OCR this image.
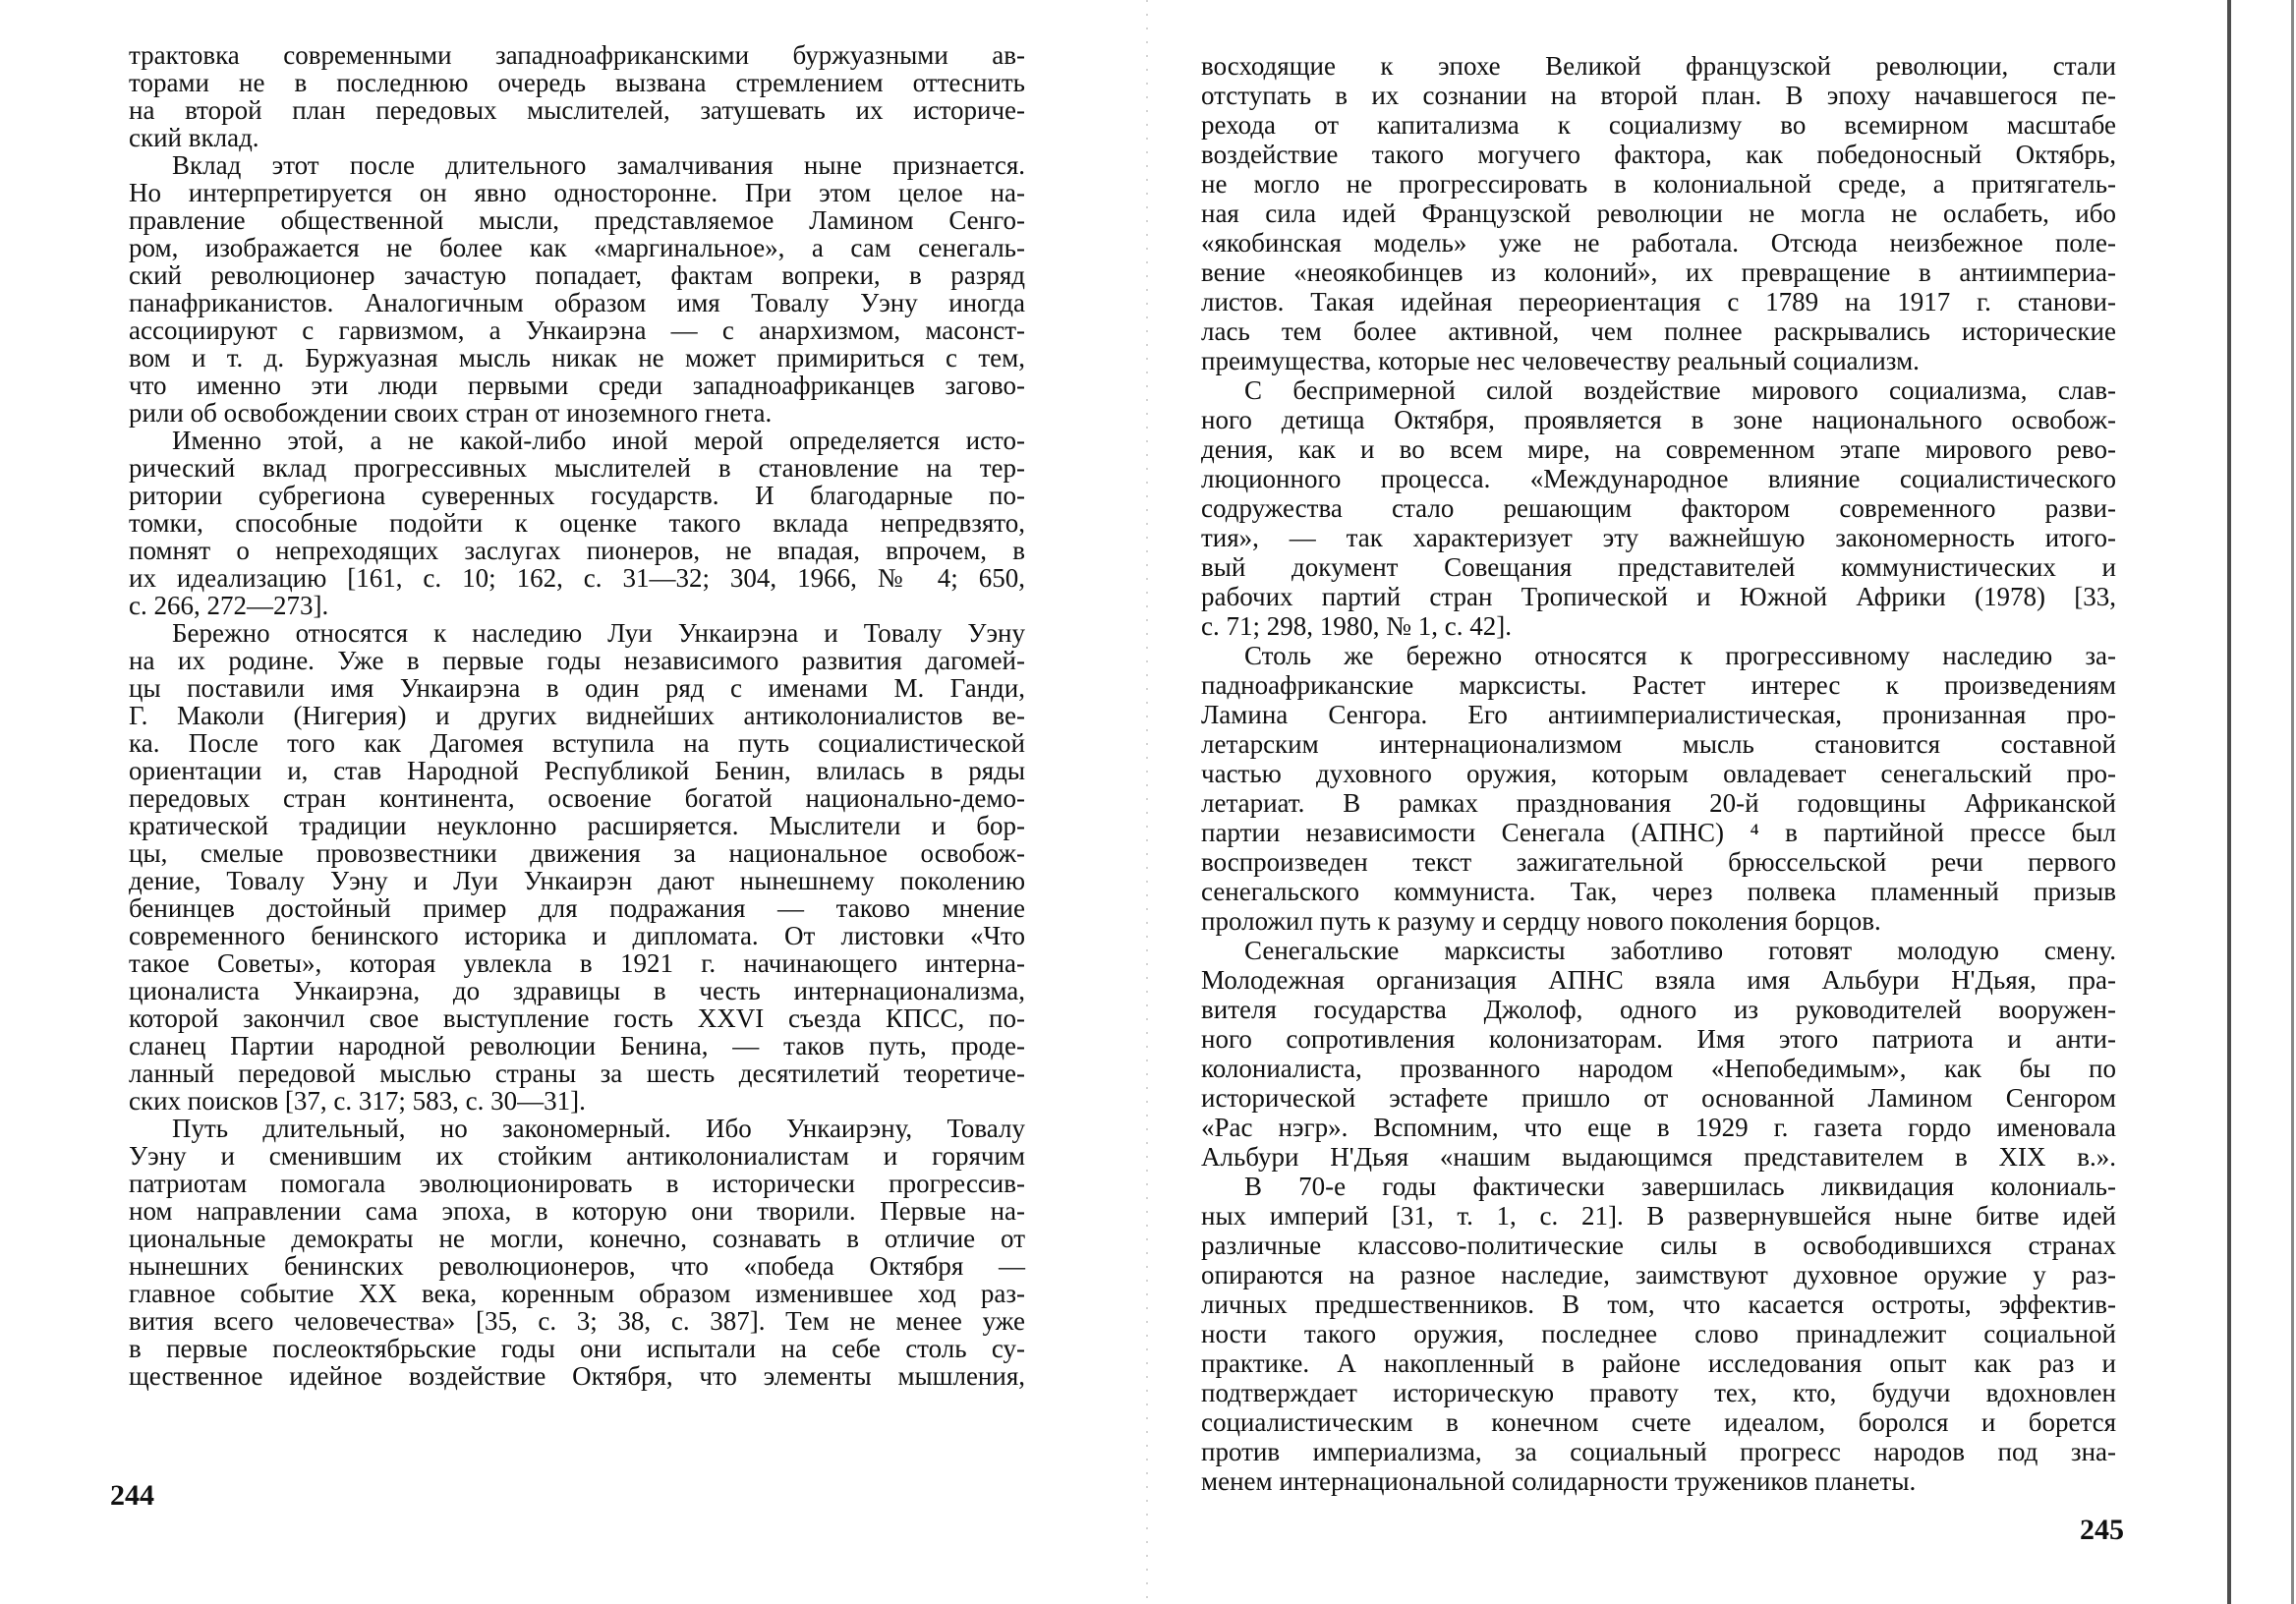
трактовка современными западноафриканскими буржуазными ав-
торами не в последнюю очередь вызвана стремлением оттеснить
на второй план передовых мыслителей, затушевать их историче-
ский вклад.
Вклад этот после длительного замалчивания ныне признается.
Но интерпретируется он явно односторонне. При этом целое на-
правление общественной мысли, представляемое Ламином Сенго-
ром, изображается не более как «маргинальное», а сам сенегаль-
ский революционер зачастую попадает, фактам вопреки, в разряд
панафриканистов. Аналогичным образом имя Товалу Уэну иногда
ассоциируют с гарвизмом, а Ункаирэна — с анархизмом, масонст-
вом и т. д. Буржуазная мысль никак не может примириться с тем,
что именно эти люди первыми среди западноафриканцев загово-
рили об освобождении своих стран от иноземного гнета.
Именно этой, а не какой-либо иной мерой определяется исто-
рический вклад прогрессивных мыслителей в становление на тер-
ритории субрегиона суверенных государств. И благодарные по-
томки, способные подойти к оценке такого вклада непредвзято,
помнят о непреходящих заслугах пионеров, не впадая, впрочем, в
их идеализацию [161, с. 10; 162, с. 31—32; 304, 1966, № 4; 650,
с. 266, 272—273].
Бережно относятся к наследию Луи Ункаирэна и Товалу Уэну
на их родине. Уже в первые годы независимого развития дагомей-
цы поставили имя Ункаирэна в один ряд с именами М. Ганди,
Г. Маколи (Нигерия) и других виднейших антиколониалистов ве-
ка. После того как Дагомея вступила на путь социалистической
ориентации и, став Народной Республикой Бенин, влилась в ряды
передовых стран континента, освоение богатой национально-демо-
кратической традиции неуклонно расширяется. Мыслители и бор-
цы, смелые провозвестники движения за национальное освобож-
дение, Товалу Уэну и Луи Ункаирэн дают нынешнему поколению
бенинцев достойный пример для подражания — таково мнение
современного бенинского историка и дипломата. От листовки «Что
такое Советы», которая увлекла в 1921 г. начинающего интерна-
ционалиста Ункаирэна, до здравицы в честь интернационализма,
которой закончил свое выступление гость XXVI съезда КПСС, по-
сланец Партии народной революции Бенина, — таков путь, проде-
ланный передовой мыслью страны за шесть десятилетий теоретиче-
ских поисков [37, с. 317; 583, с. 30—31].
Путь длительный, но закономерный. Ибо Ункаирэну, Товалу
Уэну и сменившим их стойким антиколониалистам и горячим
патриотам помогала эволюционировать в исторически прогрессив-
ном направлении сама эпоха, в которую они творили. Первые на-
циональные демократы не могли, конечно, сознавать в отличие от
нынешних бенинских революционеров, что «победа Октября —
главное событие XX века, коренным образом изменившее ход раз-
вития всего человечества» [35, с. 3; 38, с. 387]. Тем не менее уже
в первые послеоктябрьские годы они испытали на себе столь су-
щественное идейное воздействие Октября, что элементы мышления,
244
восходящие к эпохе Великой французской революции, стали
отступать в их сознании на второй план. В эпоху начавшегося пе-
рехода от капитализма к социализму во всемирном масштабе
воздействие такого могучего фактора, как победоносный Октябрь,
не могло не прогрессировать в колониальной среде, а притягатель-
ная сила идей Французской революции не могла не ослабеть, ибо
«якобинская модель» уже не работала. Отсюда неизбежное поле-
вение «неоякобинцев из колоний», их превращение в антиимпериа-
листов. Такая идейная переориентация с 1789 на 1917 г. станови-
лась тем более активной, чем полнее раскрывались исторические
преимущества, которые нес человечеству реальный социализм.
С беспримерной силой воздействие мирового социализма, слав-
ного детища Октября, проявляется в зоне национального освобож-
дения, как и во всем мире, на современном этапе мирового рево-
люционного процесса. «Международное влияние социалистического
содружества стало решающим фактором современного разви-
тия», — так характеризует эту важнейшую закономерность итого-
вый документ Совещания представителей коммунистических и
рабочих партий стран Тропической и Южной Африки (1978) [33,
с. 71; 298, 1980, № 1, с. 42].
Столь же бережно относятся к прогрессивному наследию за-
падноафриканские марксисты. Растет интерес к произведениям
Ламина Сенгора. Его антиимпериалистическая, пронизанная про-
летарским интернационализмом мысль становится составной
частью духовного оружия, которым овладевает сенегальский про-
летариат. В рамках празднования 20-й годовщины Африканской
партии независимости Сенегала (АПНС) ⁴ в партийной прессе был
воспроизведен текст зажигательной брюссельской речи первого
сенегальского коммуниста. Так, через полвека пламенный призыв
проложил путь к разуму и сердцу нового поколения борцов.
Сенегальские марксисты заботливо готовят молодую смену.
Молодежная организация АПНС взяла имя Альбури Н'Дьяя, пра-
вителя государства Джолоф, одного из руководителей вооружен-
ного сопротивления колонизаторам. Имя этого патриота и анти-
колониалиста, прозванного народом «Непобедимым», как бы по
исторической эстафете пришло от основанной Ламином Сенгором
«Рас нэгр». Вспомним, что еще в 1929 г. газета гордо именовала
Альбури Н'Дьяя «нашим выдающимся представителем в XIX в.».
В 70-е годы фактически завершилась ликвидация колониаль-
ных империй [31, т. 1, с. 21]. В развернувшейся ныне битве идей
различные классово-политические силы в освободившихся странах
опираются на разное наследие, заимствуют духовное оружие у раз-
личных предшественников. В том, что касается остроты, эффектив-
ности такого оружия, последнее слово принадлежит социальной
практике. А накопленный в районе исследования опыт как раз и
подтверждает историческую правоту тех, кто, будучи вдохновлен
социалистическим в конечном счете идеалом, боролся и борется
против империализма, за социальный прогресс народов под зна-
менем интернациональной солидарности тружеников планеты.
245
